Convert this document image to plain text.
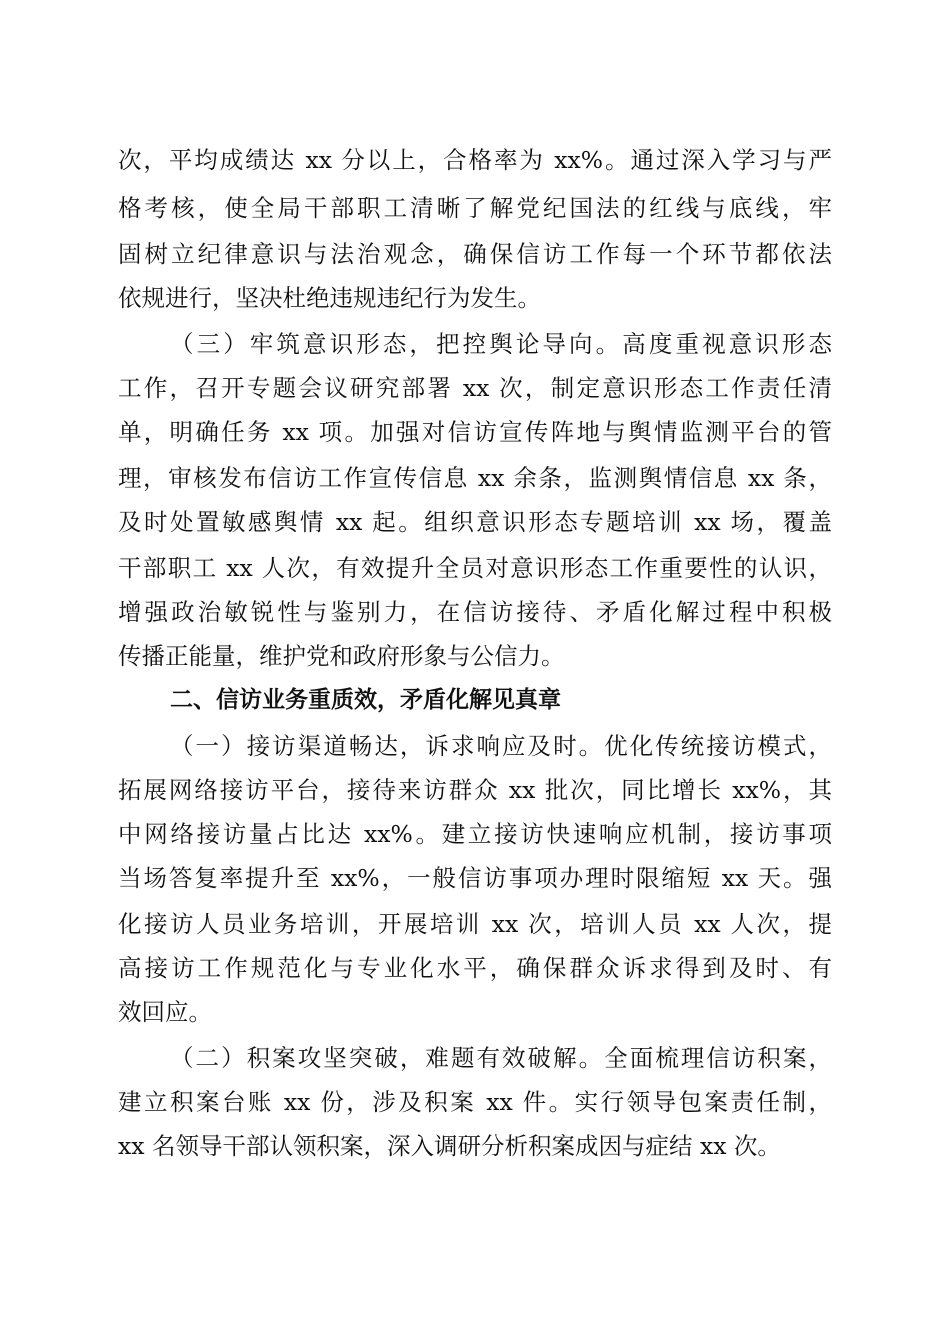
次，平均成绩达 xx 分以上，合格率为 xx%。通过深入学习与严
格考核，使全局干部职工清晰了解党纪国法的红线与底线，牢
固树立纪律意识与法治观念，确保信访工作每一个环节都依法
依规进行，坚决杜绝违规违纪行为发生。
（三）牢筑意识形态，把控舆论导向。高度重视意识形态
工作，召开专题会议研究部署 xx 次，制定意识形态工作责任清
单，明确任务 xx 项。加强对信访宣传阵地与舆情监测平台的管
理，审核发布信访工作宣传信息 xx 余条，监测舆情信息 xx 条，
及时处置敏感舆情 xx 起。组织意识形态专题培训 xx 场，覆盖
干部职工 xx 人次，有效提升全员对意识形态工作重要性的认识，
增强政治敏锐性与鉴别力，在信访接待、矛盾化解过程中积极
传播正能量，维护党和政府形象与公信力。
二、信访业务重质效，矛盾化解见真章
（一）接访渠道畅达，诉求响应及时。优化传统接访模式，
拓展网络接访平台，接待来访群众 xx 批次，同比增长 xx%，其
中网络接访量占比达 xx%。建立接访快速响应机制，接访事项
当场答复率提升至 xx%，一般信访事项办理时限缩短 xx 天。强
化接访人员业务培训，开展培训 xx 次，培训人员 xx 人次，提
高接访工作规范化与专业化水平，确保群众诉求得到及时、有
效回应。
（二）积案攻坚突破，难题有效破解。全面梳理信访积案，
建立积案台账 xx 份，涉及积案 xx 件。实行领导包案责任制，
xx 名领导干部认领积案，深入调研分析积案成因与症结 xx 次。
